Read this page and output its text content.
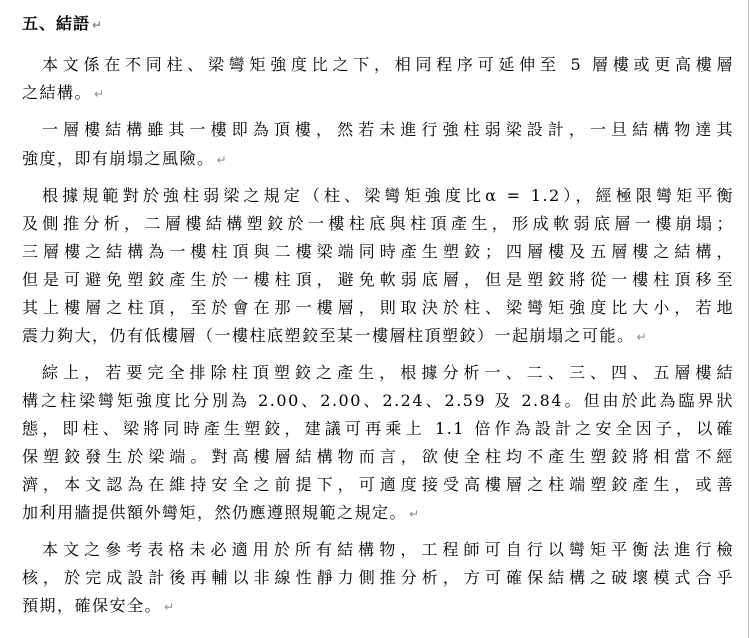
五、結語 ↵
本文係在不同柱、梁彎矩強度比之下，相同程序可延伸至 5 層樓或更高樓層
之結構。 ↵
一層樓結構雖其一樓即為頂樓，然若未進行強柱弱梁設計，一旦結構物達其
強度，即有崩塌之風險。 ↵
根據規範對於強柱弱梁之規定（柱、梁彎矩強度比α = 1.2），經極限彎矩平衡
及側推分析，二層樓結構塑鉸於一樓柱底與柱頂產生，形成軟弱底層一樓崩塌；
三層樓之結構為一樓柱頂與二樓梁端同時產生塑鉸；四層樓及五層樓之結構，
但是可避免塑鉸產生於一樓柱頂，避免軟弱底層，但是塑鉸將從一樓柱頂移至
其上樓層之柱頂，至於會在那一樓層，則取決於柱、梁彎矩強度比大小，若地
震力夠大，仍有低樓層（一樓柱底塑鉸至某一樓層柱頂塑鉸）一起崩塌之可能。 ↵
綜上，若要完全排除柱頂塑鉸之產生，根據分析一、二、三、四、五層樓結
構之柱梁彎矩強度比分別為 2.00、2.00、2.24、2.59 及 2.84。但由於此為臨界狀
態，即柱、梁將同時產生塑鉸，建議可再乘上 1.1 倍作為設計之安全因子，以確
保塑鉸發生於梁端。對高樓層結構物而言，欲使全柱均不產生塑鉸將相當不經
濟，本文認為在維持安全之前提下，可適度接受高樓層之柱端塑鉸產生，或善
加利用牆提供額外彎矩，然仍應遵照規範之規定。 ↵
本文之參考表格未必適用於所有結構物，工程師可自行以彎矩平衡法進行檢
核，於完成設計後再輔以非線性靜力側推分析，方可確保結構之破壞模式合乎
預期，確保安全。 ↵
